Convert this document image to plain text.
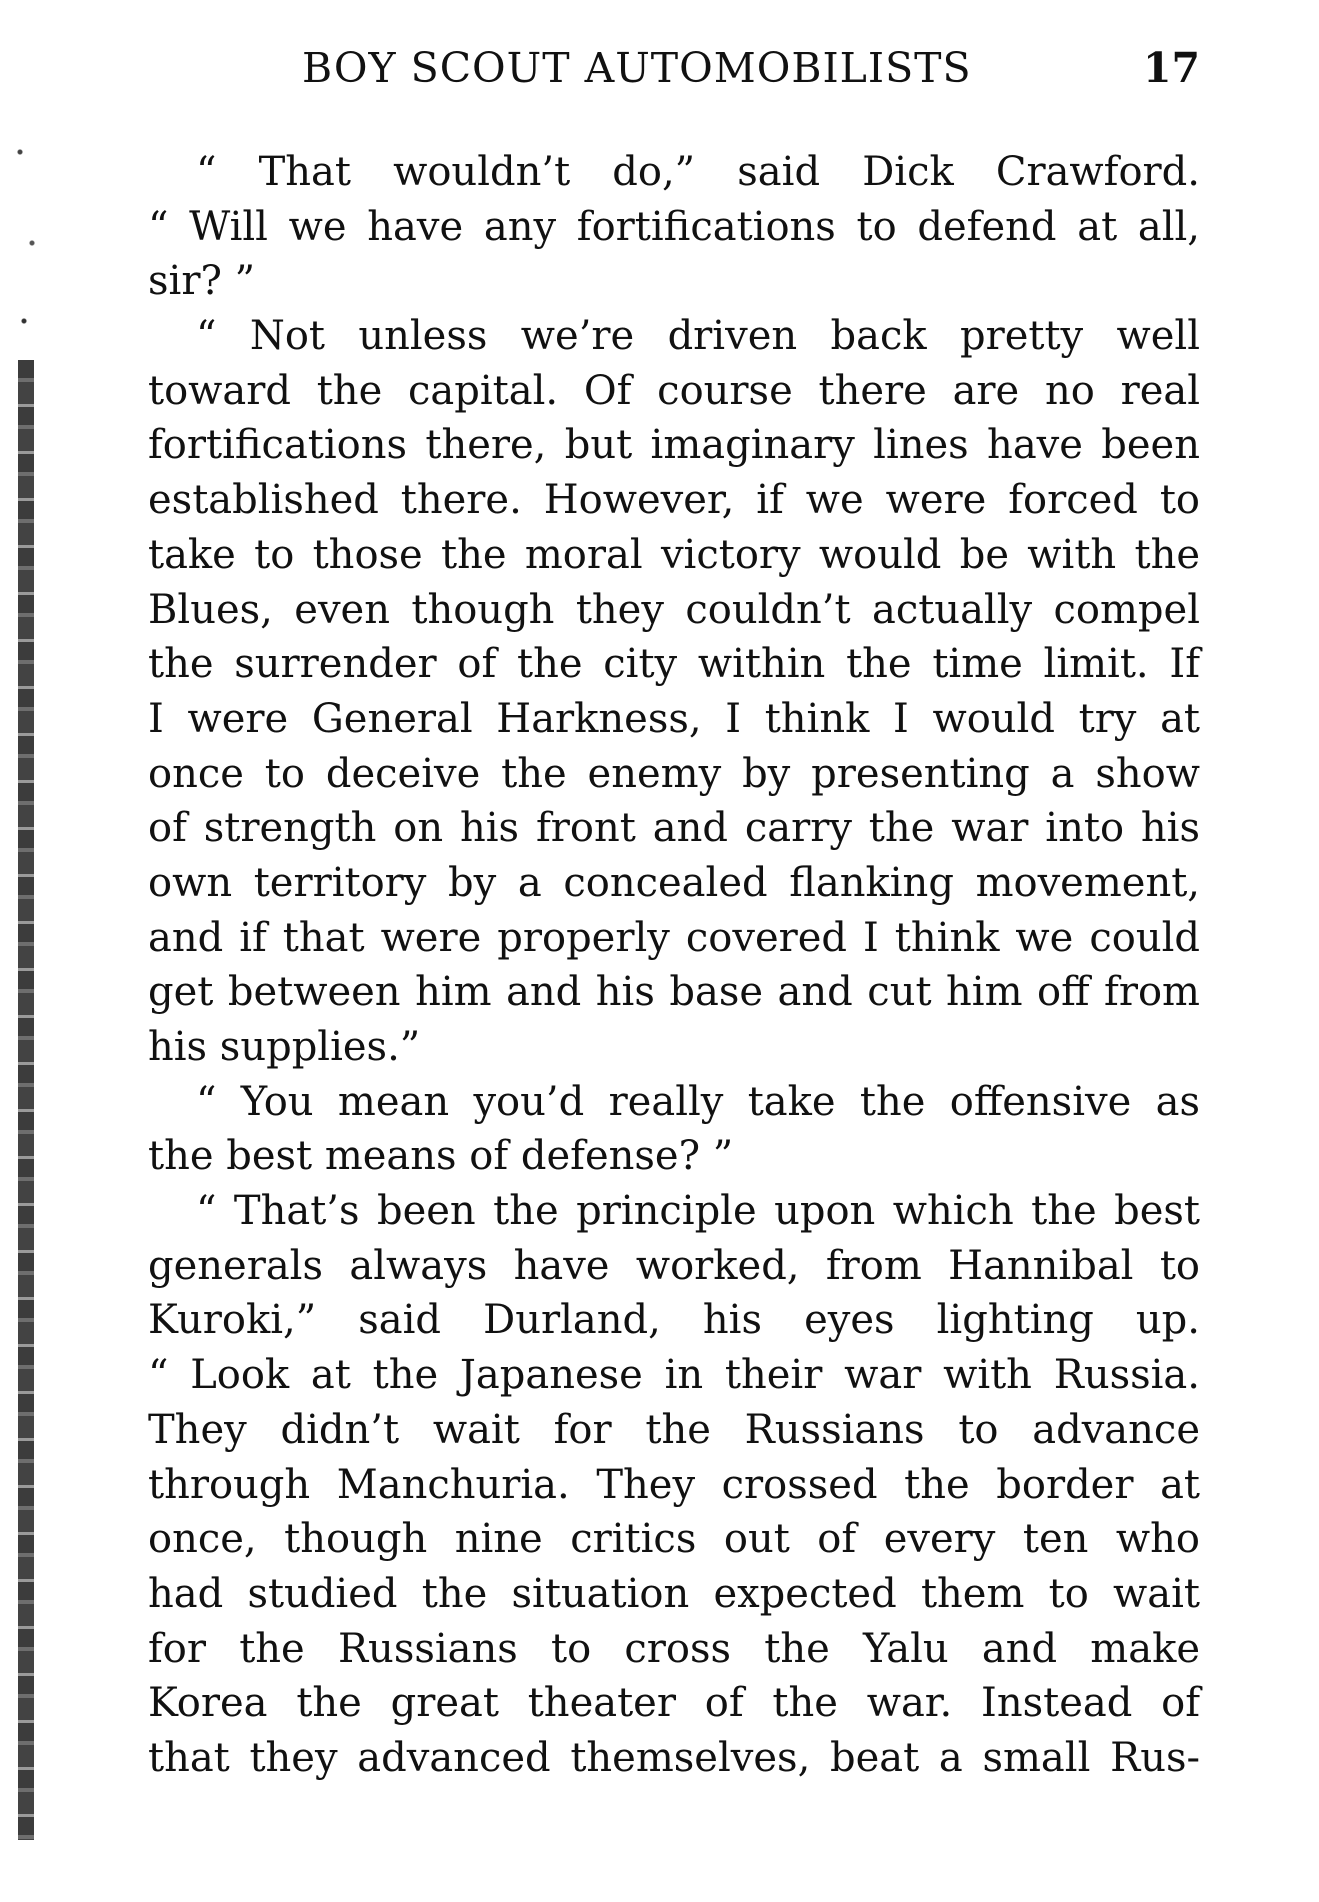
BOY SCOUT AUTOMOBILISTS	17
“ That wouldn’t do,” said Dick Crawford.
“ Will we have any fortifications to defend at all,
sir? ”
“ Not unless we’re driven back pretty well
toward the capital. Of course there are no real
fortifications there, but imaginary lines have been
established there. However, if we were forced to
take to those the moral victory would be with the
Blues, even though they couldn’t actually compel
the surrender of the city within the time limit. If
I were General Harkness, I think I would try at
once to deceive the enemy by presenting a show
of strength on his front and carry the war into his
own territory by a concealed flanking movement,
and if that were properly covered I think we could
get between him and his base and cut him off from
his supplies.”
“ You mean you’d really take the offensive as
the best means of defense? ”
“ That’s been the principle upon which the best
generals always have worked, from Hannibal to
Kuroki,” said Durland, his eyes lighting up.
“ Look at the Japanese in their war with Russia.
They didn’t wait for the Russians to advance
through Manchuria. They crossed the border at
once, though nine critics out of every ten who
had studied the situation expected them to wait
for the Russians to cross the Yalu and make
Korea the great theater of the war. Instead of
that they advanced themselves, beat a small Rus-
